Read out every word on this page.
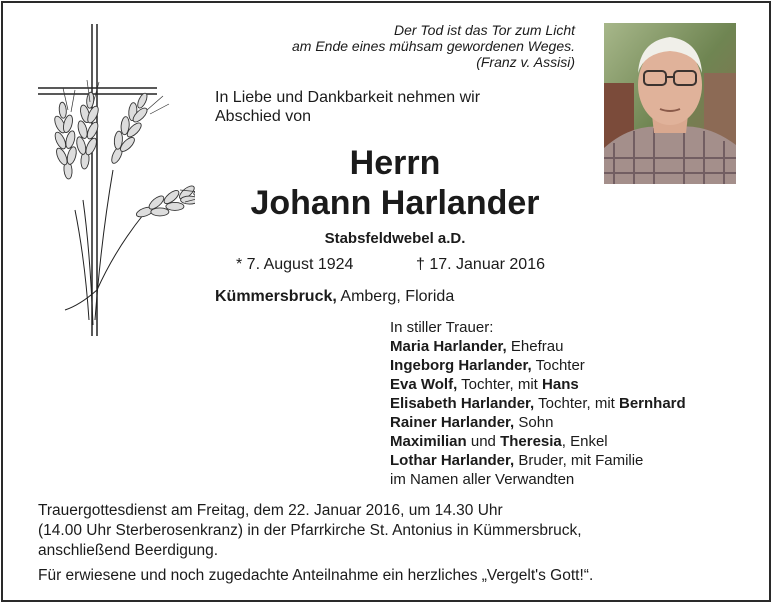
Der Tod ist das Tor zum Licht
am Ende eines mühsam gewordenen Weges.
(Franz v. Assisi)
In Liebe und Dankbarkeit nehmen wir
Abschied von
Herrn
Johann Harlander
Stabsfeldwebel a.D.
* 7. August 1924	† 17. Januar 2016
Kümmersbruck, Amberg, Florida
In stiller Trauer:
Maria Harlander, Ehefrau
Ingeborg Harlander, Tochter
Eva Wolf, Tochter, mit Hans
Elisabeth Harlander, Tochter, mit Bernhard
Rainer Harlander, Sohn
Maximilian und Theresia, Enkel
Lothar Harlander, Bruder, mit Familie
im Namen aller Verwandten
Trauergottesdienst am Freitag, dem 22. Januar 2016, um 14.30 Uhr
(14.00 Uhr Sterberosenkranz) in der Pfarrkirche St. Antonius in Kümmersbruck,
anschließend Beerdigung.
Für erwiesene und noch zugedachte Anteilnahme ein herzliches „Vergelt's Gott!“.
